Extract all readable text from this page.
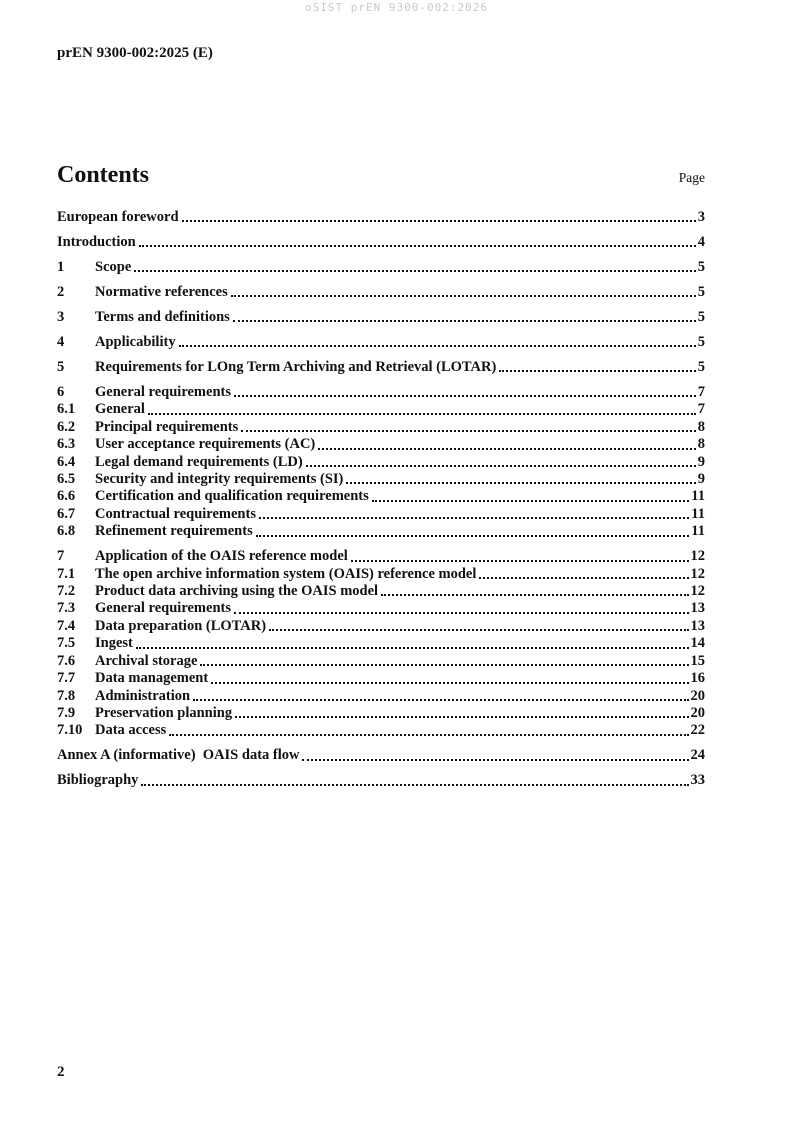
oSIST prEN 9300-002:2026
prEN 9300-002:2025 (E)
Contents	Page
European foreword	3
Introduction	4
1	Scope	5
2	Normative references	5
3	Terms and definitions	5
4	Applicability	5
5	Requirements for LOng Term Archiving and Retrieval (LOTAR)	5
6	General requirements	7
6.1	General	7
6.2	Principal requirements	8
6.3	User acceptance requirements (AC)	8
6.4	Legal demand requirements (LD)	9
6.5	Security and integrity requirements (SI)	9
6.6	Certification and qualification requirements	11
6.7	Contractual requirements	11
6.8	Refinement requirements	11
7	Application of the OAIS reference model	12
7.1	The open archive information system (OAIS) reference model	12
7.2	Product data archiving using the OAIS model	12
7.3	General requirements	13
7.4	Data preparation (LOTAR)	13
7.5	Ingest	14
7.6	Archival storage	15
7.7	Data management	16
7.8	Administration	20
7.9	Preservation planning	20
7.10 Data access	22
Annex A (informative)  OAIS data flow	24
Bibliography	33
2
